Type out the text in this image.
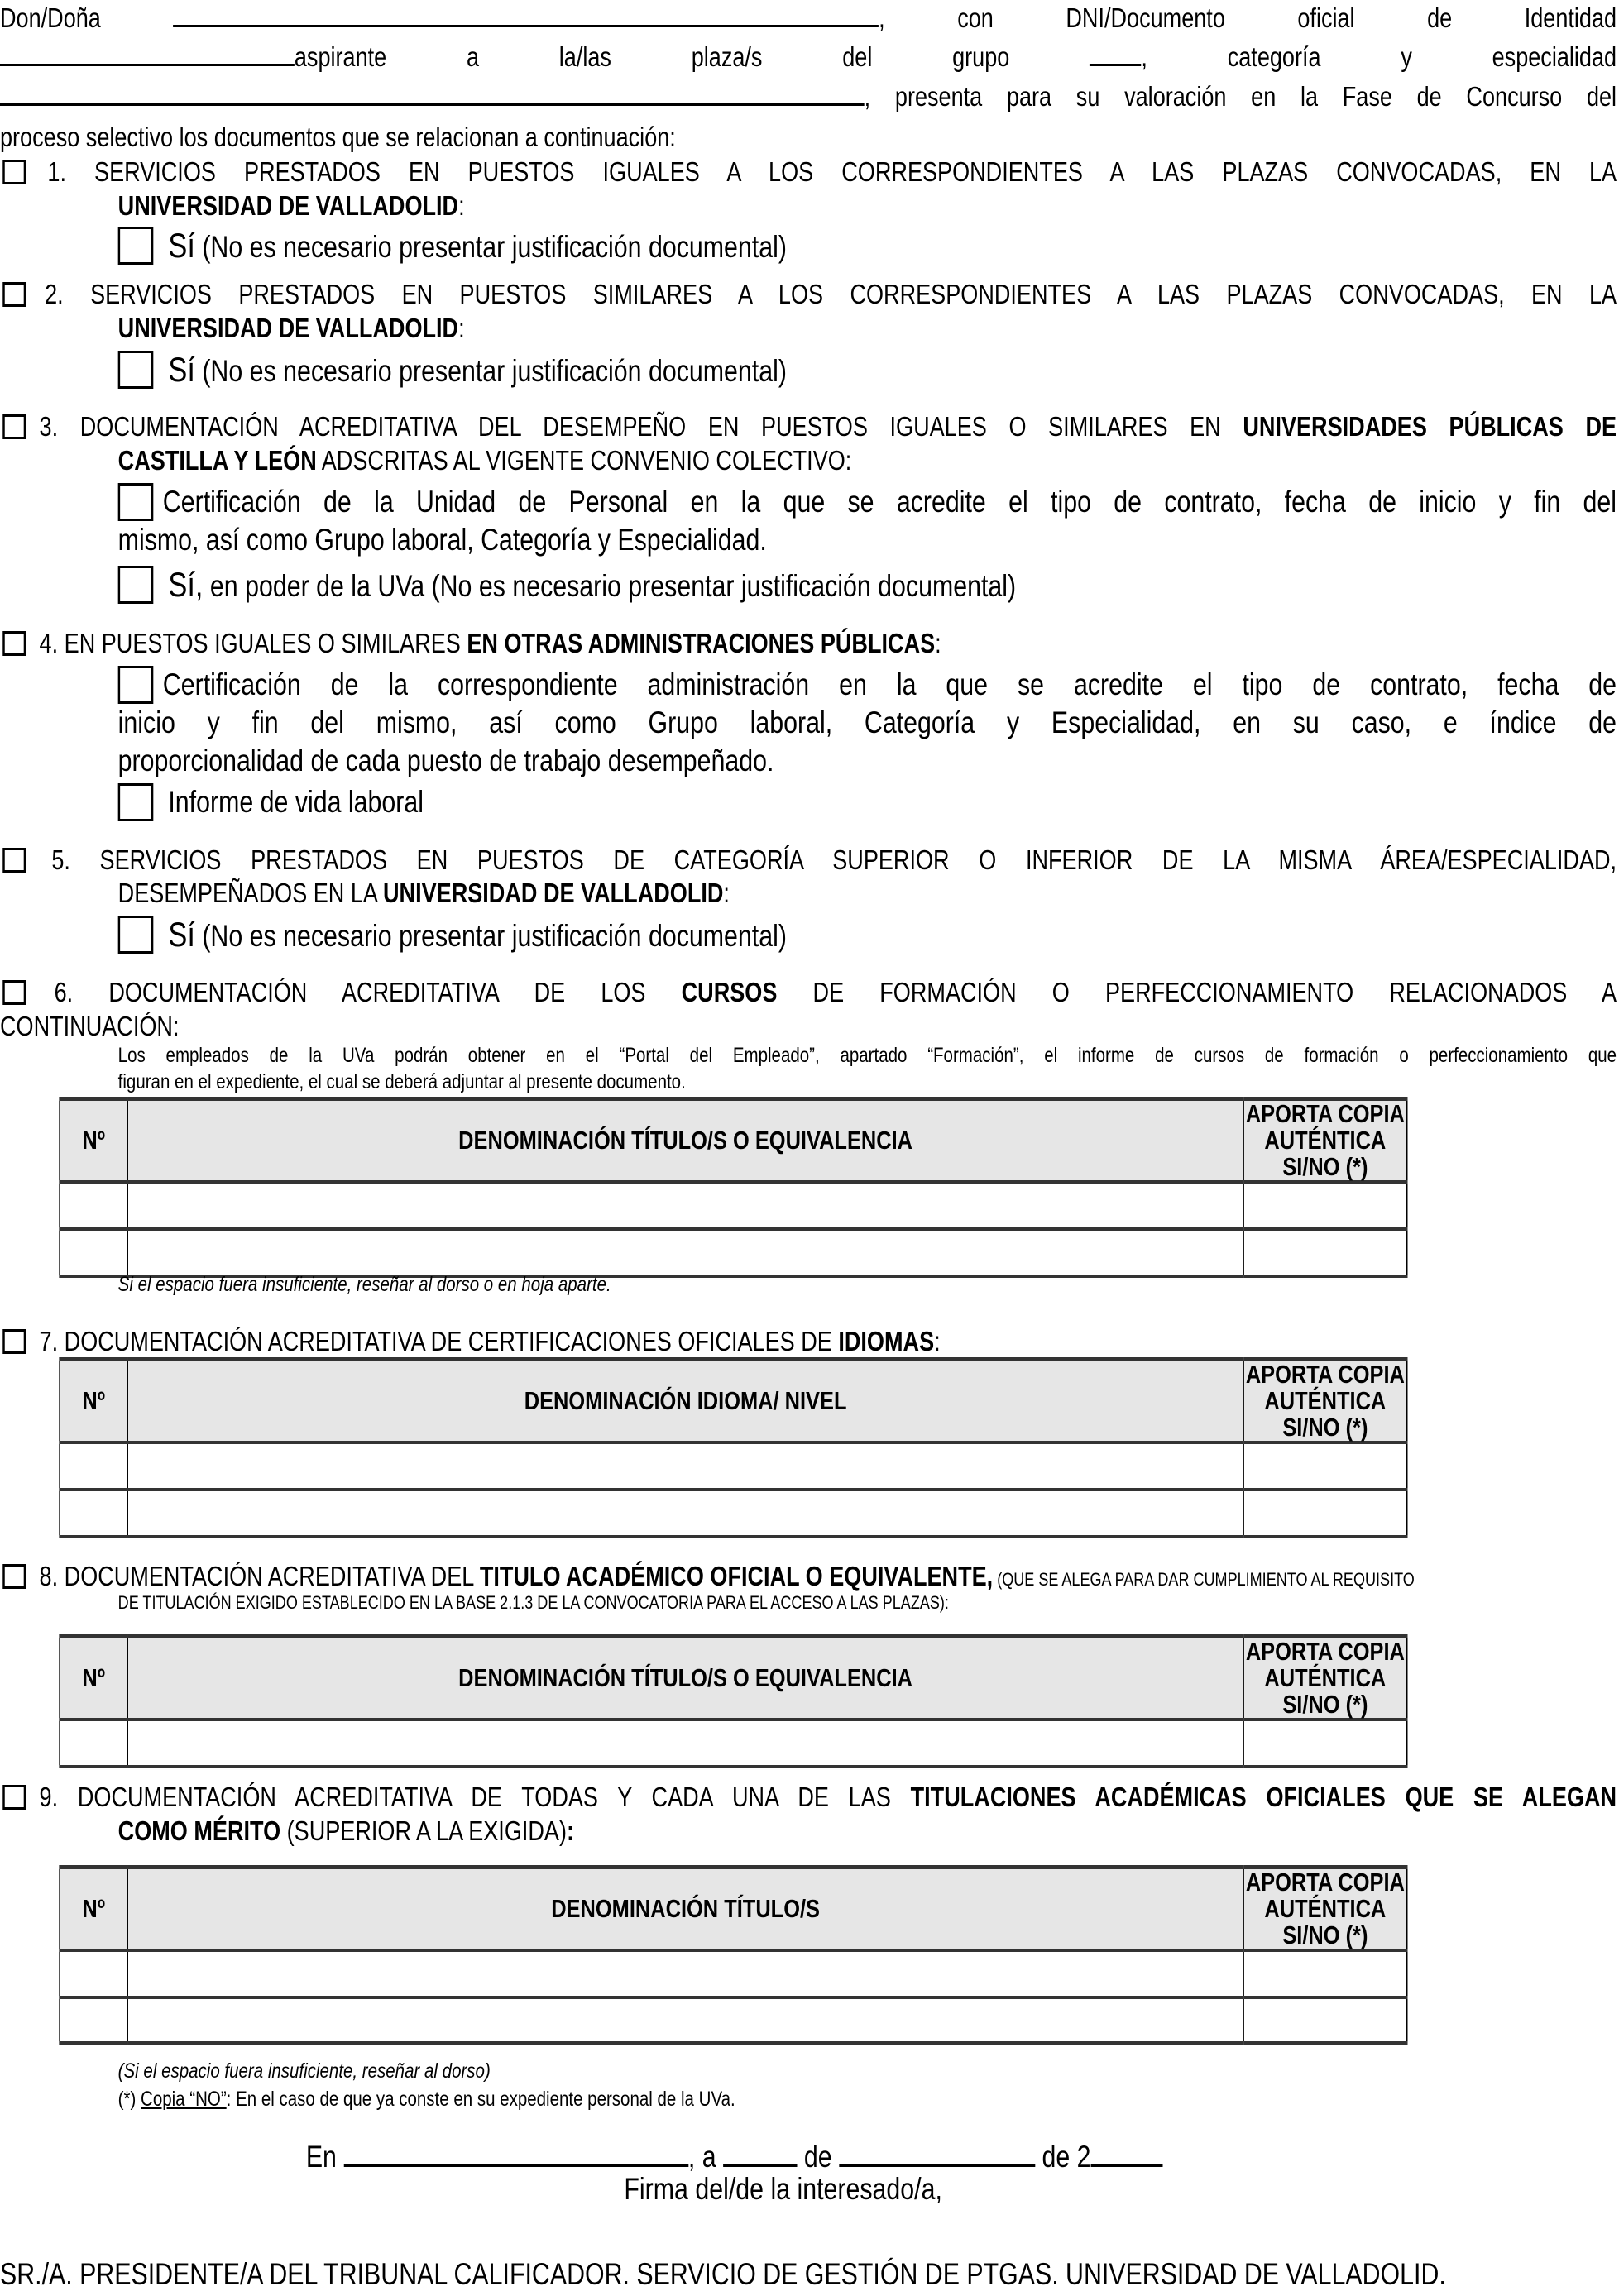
Don/Doña	, con DNI/Documento oficial de Identidad
aspirante a la/las plaza/s del grupo	, categoría y especialidad
, presenta para su valoración en la Fase de Concurso del
proceso selectivo los documentos que se relacionan a continuación:
1. SERVICIOS PRESTADOS EN PUESTOS IGUALES A LOS CORRESPONDIENTES A LAS PLAZAS CONVOCADAS, EN LA
UNIVERSIDAD DE VALLADOLID:
Sí (No es necesario presentar justificación documental)
2. SERVICIOS PRESTADOS EN PUESTOS SIMILARES A LOS CORRESPONDIENTES A LAS PLAZAS CONVOCADAS, EN LA
UNIVERSIDAD DE VALLADOLID:
Sí (No es necesario presentar justificación documental)
3. DOCUMENTACIÓN ACREDITATIVA DEL DESEMPEÑO EN PUESTOS IGUALES O SIMILARES EN UNIVERSIDADES PÚBLICAS DE
CASTILLA Y LEÓN ADSCRITAS AL VIGENTE CONVENIO COLECTIVO:
Certificación de la Unidad de Personal en la que se acredite el tipo de contrato, fecha de inicio y fin del
mismo, así como Grupo laboral, Categoría y Especialidad.
Sí, en poder de la UVa (No es necesario presentar justificación documental)
4. EN PUESTOS IGUALES O SIMILARES EN OTRAS ADMINISTRACIONES PÚBLICAS:
Certificación de la correspondiente administración en la que se acredite el tipo de contrato, fecha de
inicio y fin del mismo, así como Grupo laboral, Categoría y Especialidad, en su caso, e índice de
proporcionalidad de cada puesto de trabajo desempeñado.
Informe de vida laboral
5. SERVICIOS PRESTADOS EN PUESTOS DE CATEGORÍA SUPERIOR O INFERIOR DE LA MISMA ÁREA/ESPECIALIDAD,
DESEMPEÑADOS EN LA UNIVERSIDAD DE VALLADOLID:
Sí (No es necesario presentar justificación documental)
6. DOCUMENTACIÓN ACREDITATIVA DE LOS CURSOS DE FORMACIÓN O PERFECCIONAMIENTO RELACIONADOS A
CONTINUACIÓN:
Los empleados de la UVa podrán obtener en el “Portal del Empleado”, apartado “Formación”, el informe de cursos de formación o perfeccionamiento que
figuran en el expediente, el cual se deberá adjuntar al presente documento.
Nº	DENOMINACIÓN TÍTULO/S O EQUIVALENCIA	APORTA COPIA
AUTÉNTICA
SI/NO (*)

Si el espacio fuera insuficiente, reseñar al dorso o en hoja aparte.
7. DOCUMENTACIÓN ACREDITATIVA DE CERTIFICACIONES OFICIALES DE IDIOMAS:
Nº	DENOMINACIÓN IDIOMA/ NIVEL	APORTA COPIA
AUTÉNTICA
SI/NO (*)

8. DOCUMENTACIÓN ACREDITATIVA DEL TITULO ACADÉMICO OFICIAL O EQUIVALENTE, (QUE SE ALEGA PARA DAR CUMPLIMIENTO AL REQUISITO
DE TITULACIÓN EXIGIDO ESTABLECIDO EN LA BASE 2.1.3 DE LA CONVOCATORIA PARA EL ACCESO A LAS PLAZAS):
Nº	DENOMINACIÓN TÍTULO/S O EQUIVALENCIA	APORTA COPIA
AUTÉNTICA
SI/NO (*)

9. DOCUMENTACIÓN ACREDITATIVA DE TODAS Y CADA UNA DE LAS TITULACIONES ACADÉMICAS OFICIALES QUE SE ALEGAN
COMO MÉRITO (SUPERIOR A LA EXIGIDA):
Nº	DENOMINACIÓN TÍTULO/S	APORTA COPIA
AUTÉNTICA
SI/NO (*)

(Si el espacio fuera insuficiente, reseñar al dorso)
(*) Copia “NO”: En el caso de que ya conste en su expediente personal de la UVa.
En	, a	de	de 2
Firma del/de la interesado/a,
SR./A. PRESIDENTE/A DEL TRIBUNAL CALIFICADOR. SERVICIO DE GESTIÓN DE PTGAS. UNIVERSIDAD DE VALLADOLID.
